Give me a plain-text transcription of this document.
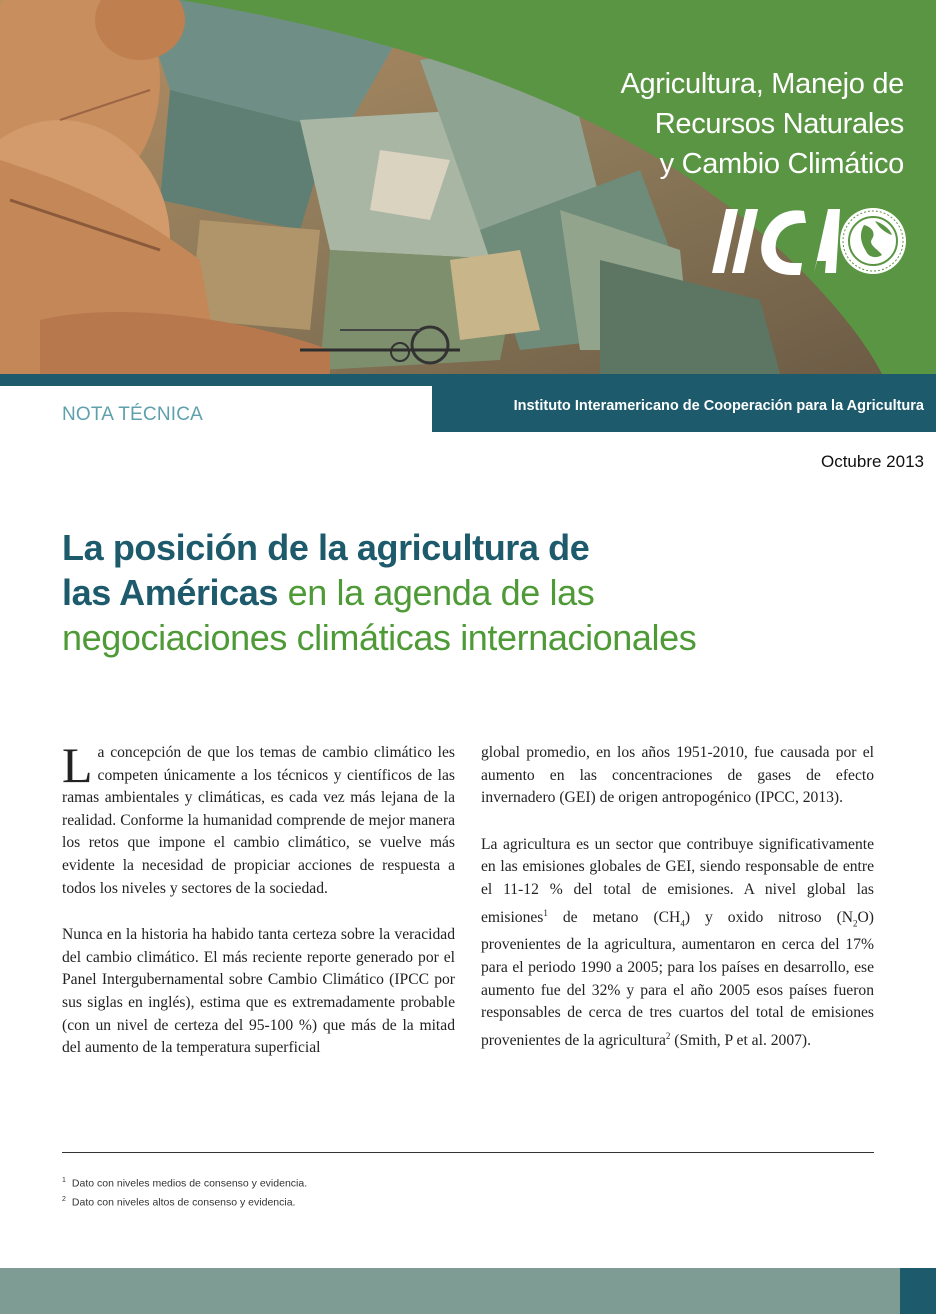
Agricultura, Manejo de
Recursos Naturales
y Cambio Climático
NOTA TÉCNICA	Instituto Interamericano de Cooperación para la Agricultura
Octubre 2013
La posición de la agricultura de
las Américas en la agenda de las
negociaciones climáticas internacionales

La concepción de que los temas de cambio climático les competen únicamente a los técnicos y científicos de las ramas ambientales y climáticas, es cada vez más lejana de la realidad. Conforme la humanidad comprende de mejor manera los retos que impone el cambio climático, se vuelve más evidente la necesidad de propiciar acciones de respuesta a todos los niveles y sectores de la sociedad.

Nunca en la historia ha habido tanta certeza sobre la veracidad del cambio climático. El más reciente reporte generado por el Panel Intergubernamental sobre Cambio Climático (IPCC por sus siglas en inglés), estima que es extremadamente probable (con un nivel de certeza del 95-100 %) que más de la mitad del aumento de la temperatura superficial

global promedio, en los años 1951-2010, fue causada por el aumento en las concentraciones de gases de efecto invernadero (GEI) de origen antropogénico (IPCC, 2013).

La agricultura es un sector que contribuye significativamente en las emisiones globales de GEI, siendo responsable de entre el 11-12 % del total de emisiones. A nivel global las emisiones$^1$ de metano $(CH_4)$ y oxido nitroso $(N_2O)$ provenientes de la agricultura, aumentaron en cerca del 17% para el periodo 1990 a 2005; para los países en desarrollo, ese aumento fue del 32% y para el año 2005 esos países fueron responsables de cerca de tres cuartos del total de emisiones provenientes de la agricultura$^2$ (Smith, P et al. 2007).

$^1$ Dato con niveles medios de consenso y evidencia.
$^2$ Dato con niveles altos de consenso y evidencia.
